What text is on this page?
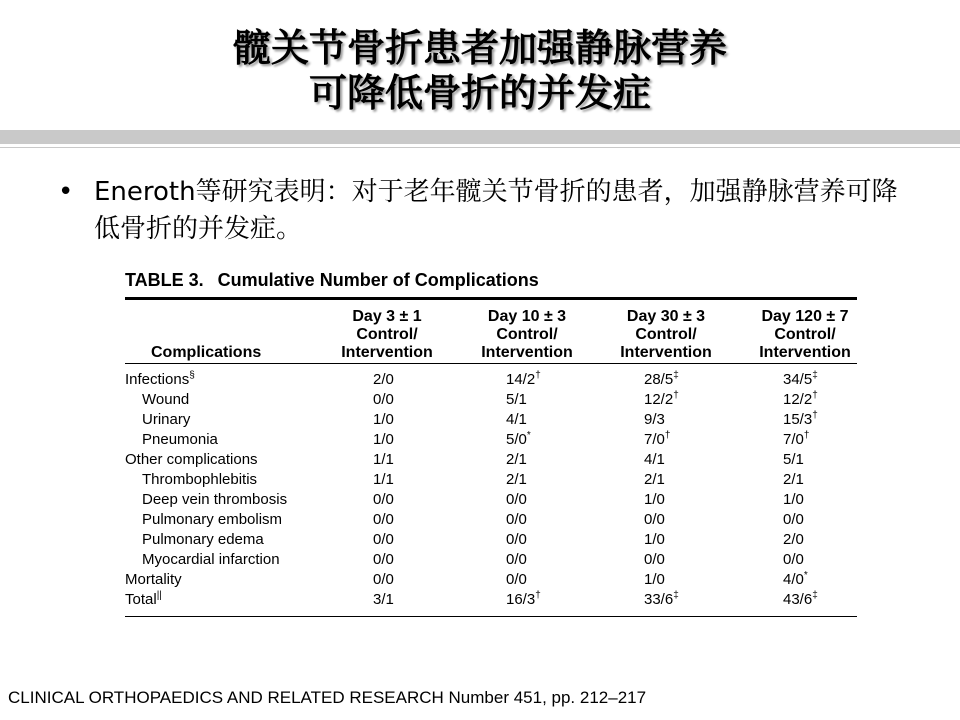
髋关节骨折患者加强静脉营养
可降低骨折的并发症
• Eneroth等研究表明：对于老年髋关节骨折的患者，加强静脉营养可降低骨折的并发症。
TABLE 3. Cumulative Number of Complications
Complications
Day 3 ± 1
Control/
Intervention
Day 10 ± 3
Control/
Intervention
Day 30 ± 3
Control/
Intervention
Day 120 ± 7
Control/
Intervention
Infections§	2/0	14/2†	28/5‡	34/5‡
Wound	0/0	5/1	12/2†	12/2†
Urinary	1/0	4/1	9/3	15/3†
Pneumonia	1/0	5/0*	7/0†	7/0†
Other complications	1/1	2/1	4/1	5/1
Thrombophlebitis	1/1	2/1	2/1	2/1
Deep vein thrombosis	0/0	0/0	1/0	1/0
Pulmonary embolism	0/0	0/0	0/0	0/0
Pulmonary edema	0/0	0/0	1/0	2/0
Myocardial infarction	0/0	0/0	0/0	0/0
Mortality	0/0	0/0	1/0	4/0*
Total||	3/1	16/3†	33/6‡	43/6‡
CLINICAL ORTHOPAEDICS AND RELATED RESEARCH Number 451, pp. 212–217
